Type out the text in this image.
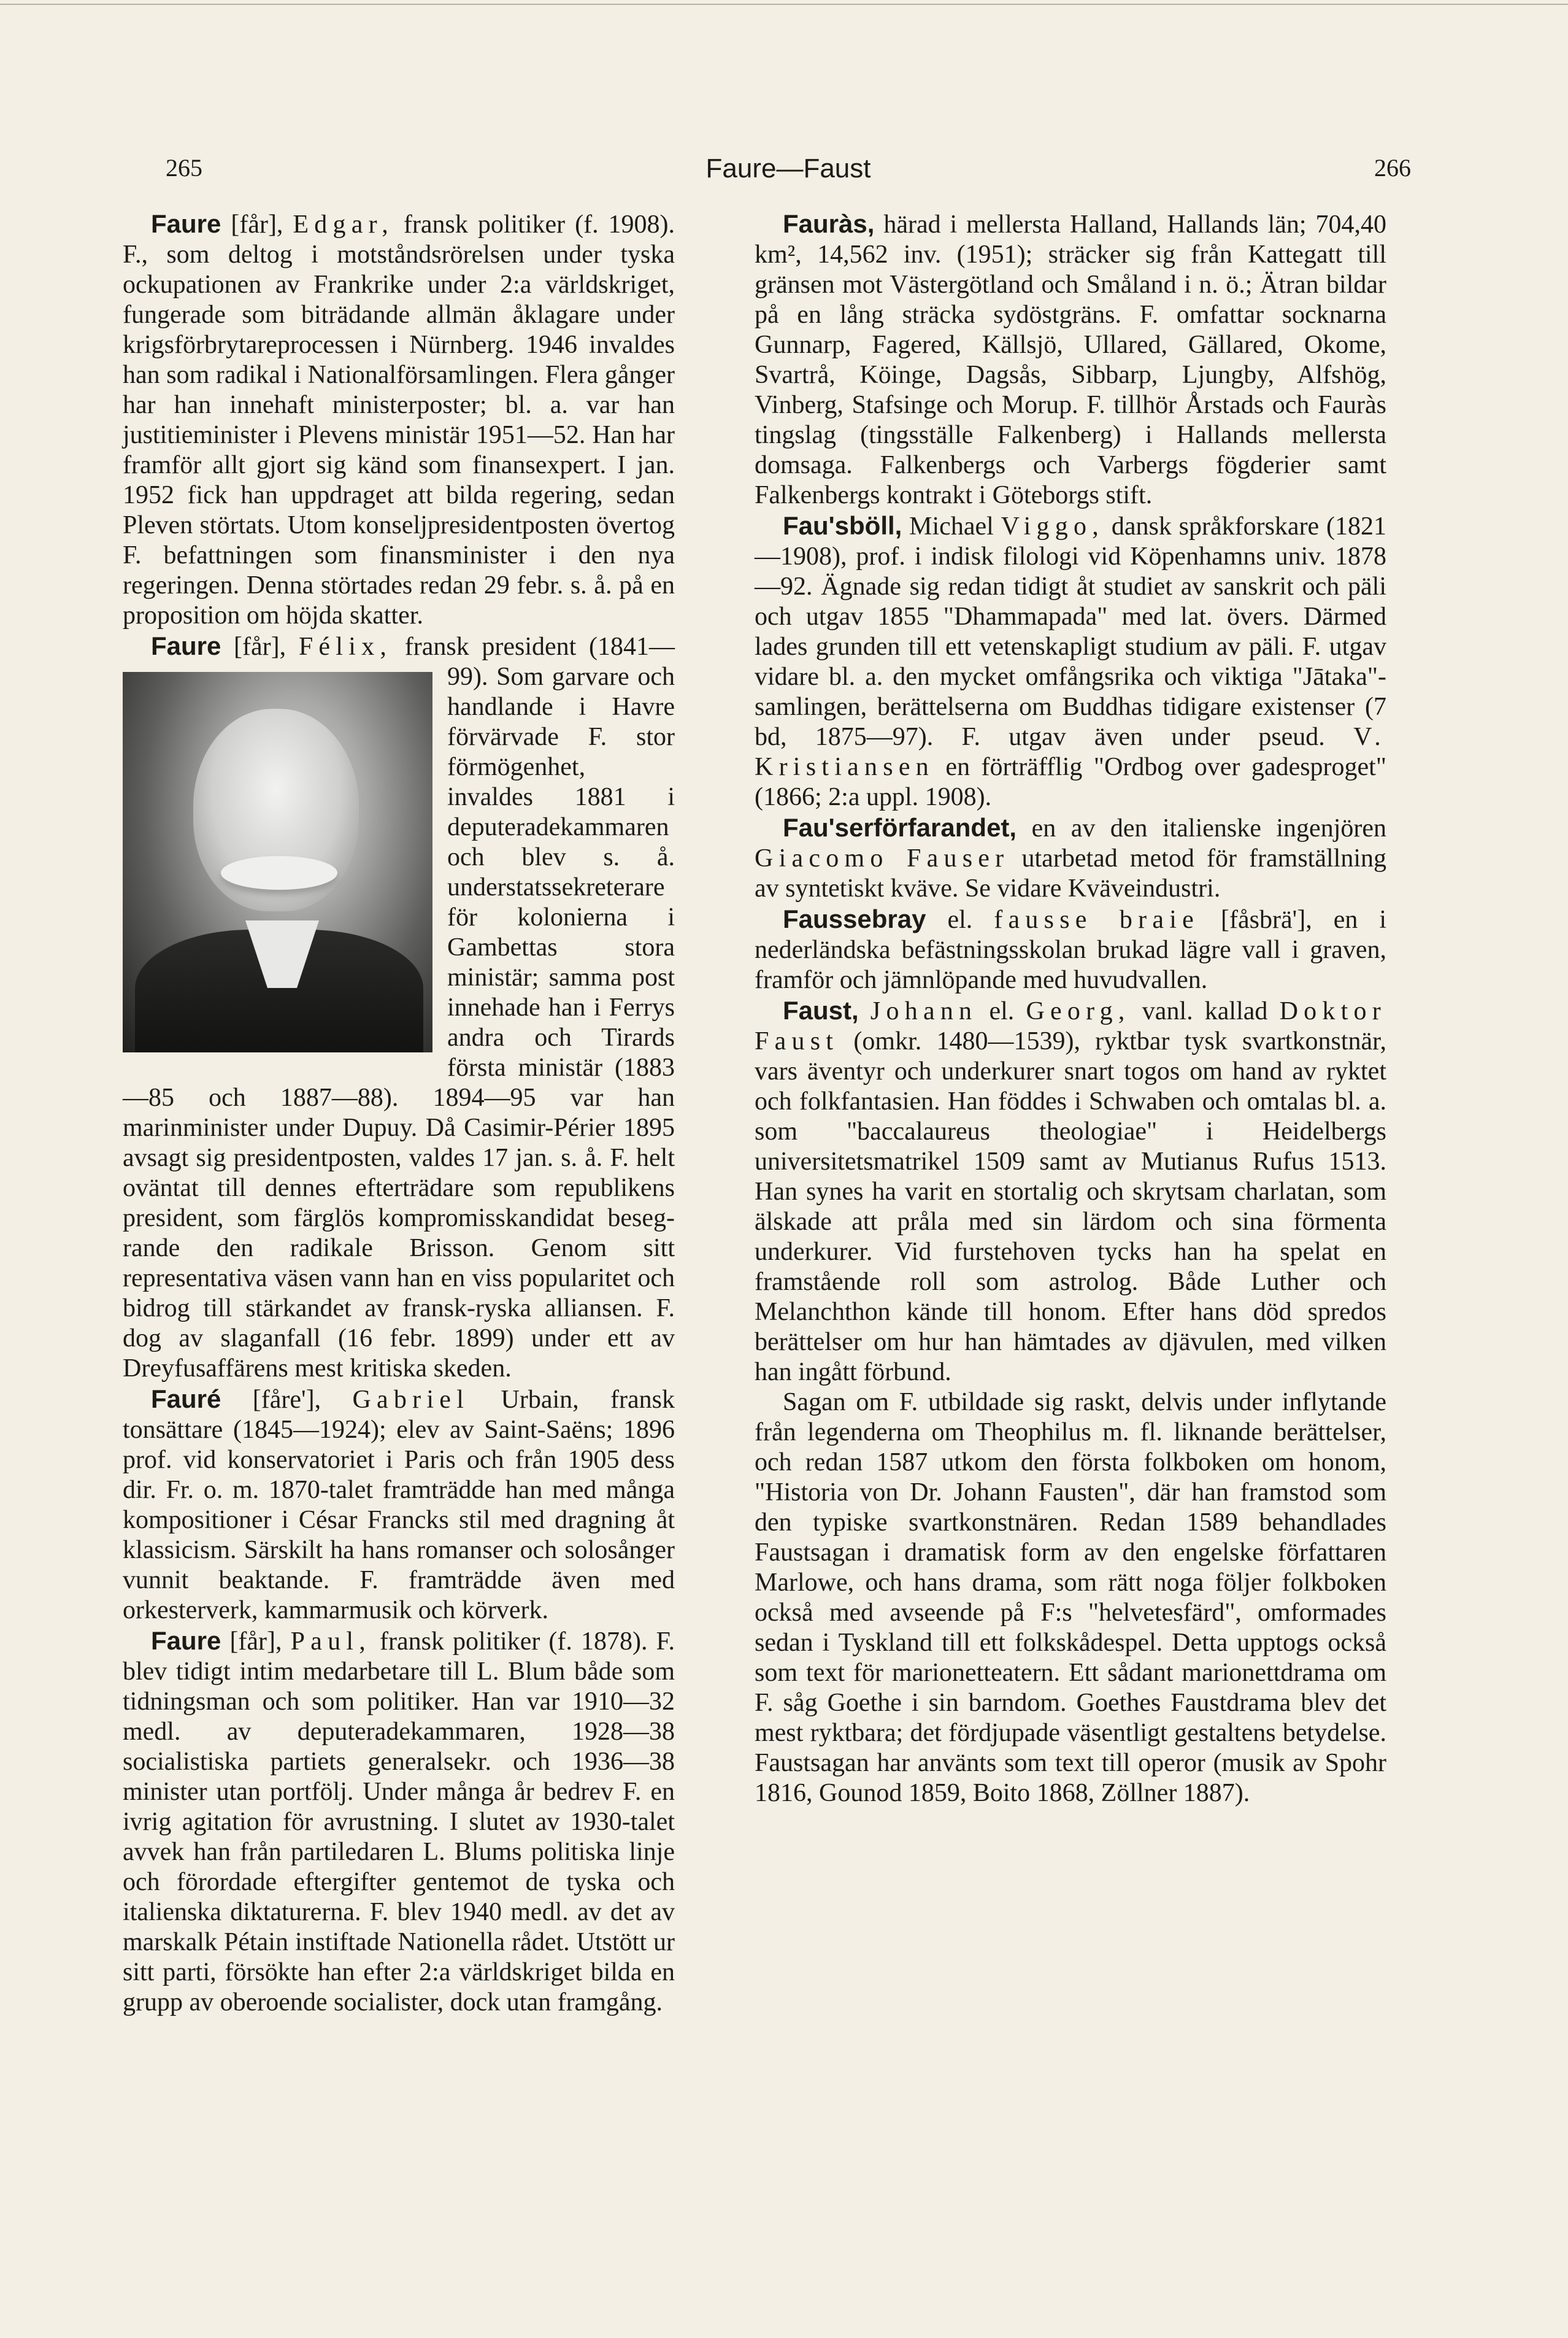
265	Faure—Faust	266

Faure [får], Edgar, fransk politiker (f. 1908). F., som deltog i motståndsrörelsen under tyska ockupationen av Frankrike under 2:a världskriget, fungerade som biträdande allmän åklagare under krigsförbrytareprocessen i Nürnberg. 1946 invaldes han som radikal i Nationalförsamlingen. Flera gånger har han innehaft ministerposter; bl. a. var han justitieminister i Plevens ministär 1951—52. Han har framför allt gjort sig känd som finansexpert. I jan. 1952 fick han uppdraget att bilda regering, sedan Pleven störtats. Utom konseljpresidentposten övertog F. befattningen som finansminister i den nya regeringen. Denna störtades redan 29 febr. s. å. på en proposition om höjda skatter.

Faure [får], Félix,
fransk president (1841—99). Som garvare och handlande i Havre förvärvade F. stor förmögenhet, invaldes 1881 i deputeradekammaren och blev s. å. understatssekreterare för kolonierna i Gambettas stora ministär; samma post innehade han i Ferrys andra och Tirards första ministär (1883—85 och 1887—88). 1894—95 var han marinminister under Dupuy. Då Casimir-Périer 1895 avsagt sig presidentposten, valdes 17 jan. s. å. F. helt oväntat till dennes efterträdare som republikens president, som färglös kompromisskandidat beseg-rande den radikale Brisson. Genom sitt representativa väsen vann han en viss popularitet och bidrog till stärkandet av fransk-ryska alliansen. F. dog av slaganfall (16 febr. 1899) under ett av Dreyfusaffärens mest kritiska skeden.

Fauré [fåre'], Gabriel Urbain, fransk tonsättare (1845—1924); elev av Saint-Saëns; 1896 prof. vid konservatoriet i Paris och från 1905 dess dir. Fr. o. m. 1870-talet framträdde han med många kompositioner i César Francks stil med dragning åt klassicism. Särskilt ha hans romanser och solosånger vunnit beaktande. F. framträdde även med orkesterverk, kammarmusik och körverk.

Faure [får], Paul, fransk politiker (f. 1878). F. blev tidigt intim medarbetare till L. Blum både som tidningsman och som politiker. Han var 1910—32 medl. av deputeradekammaren, 1928—38 socialistiska partiets generalsekr. och 1936—38 minister utan portfölj. Under många år bedrev F. en ivrig agitation för avrustning. I slutet av 1930-talet avvek han från partiledaren L. Blums politiska linje och förordade eftergifter gentemot de tyska och italienska diktaturerna. F. blev 1940 medl. av det av marskalk Pétain instiftade Nationella rådet. Utstött ur sitt parti, försökte han efter 2:a världskriget bilda en grupp av oberoende socialister, dock utan framgång.

Fauràs, härad i mellersta Halland, Hallands län; 704,40 km², 14,562 inv. (1951); sträcker sig från Kattegatt till gränsen mot Västergötland och Småland i n. ö.; Ätran bildar på en lång sträcka sydöstgräns. F. omfattar socknarna Gunnarp, Fagered, Källsjö, Ullared, Gällared, Okome, Svartrå, Köinge, Dagsås, Sibbarp, Ljungby, Alfshög, Vinberg, Stafsinge och Morup. F. tillhör Årstads och Fauràs tingslag (tingsställe Falkenberg) i Hallands mellersta domsaga. Falkenbergs och Varbergs fögderier samt Falkenbergs kontrakt i Göteborgs stift.

Fau'sböll, Michael Viggo, dansk språkforskare (1821—1908), prof. i indisk filologi vid Köpenhamns univ. 1878—92. Ägnade sig redan tidigt åt studiet av sanskrit och päli och utgav 1855 "Dhammapada" med lat. övers. Därmed lades grunden till ett vetenskapligt studium av päli. F. utgav vidare bl. a. den mycket omfångsrika och viktiga "Jātaka"-samlingen, berättelserna om Buddhas tidigare existenser (7 bd, 1875—97). F. utgav även under pseud. V. Kristiansen en förträfflig "Ordbog over gadesproget" (1866; 2:a uppl. 1908).

Fau'serförfarandet, en av den italienske ingenjören Giacomo Fauser utarbetad metod för framställning av syntetiskt kväve. Se vidare Kväveindustri.

Faussebray el. fausse braie [fåsbrä'], en i nederländska befästningsskolan brukad lägre vall i graven, framför och jämnlöpande med huvudvallen.

Faust, Johann el. Georg, vanl. kallad Doktor Faust (omkr. 1480—1539), ryktbar tysk svartkonstnär, vars äventyr och underkurer snart togos om hand av ryktet och folkfantasien. Han föddes i Schwaben och omtalas bl. a. som "baccalaureus theologiae" i Heidelbergs universitetsmatrikel 1509 samt av Mutianus Rufus 1513. Han synes ha varit en stortalig och skrytsam charlatan, som älskade att pråla med sin lärdom och sina förmenta underkurer. Vid furstehoven tycks han ha spelat en framstående roll som astrolog. Både Luther och Melanchthon kände till honom. Efter hans död spredos berättelser om hur han hämtades av djävulen, med vilken han ingått förbund.

Sagan om F. utbildade sig raskt, delvis under inflytande från legenderna om Theophilus m. fl. liknande berättelser, och redan 1587 utkom den första folkboken om honom, "Historia von Dr. Johann Fausten", där han framstod som den typiske svartkonstnären. Redan 1589 behandlades Faustsagan i dramatisk form av den engelske författaren Marlowe, och hans drama, som rätt noga följer folkboken också med avseende på F:s "helvetesfärd", omformades sedan i Tyskland till ett folkskådespel. Detta upptogs också som text för marionetteatern. Ett sådant marionettdrama om F. såg Goethe i sin barndom. Goethes Faustdrama blev det mest ryktbara; det fördjupade väsentligt gestaltens betydelse. Faustsagan har använts som text till operor (musik av Spohr 1816, Gounod 1859, Boito 1868, Zöllner 1887).
